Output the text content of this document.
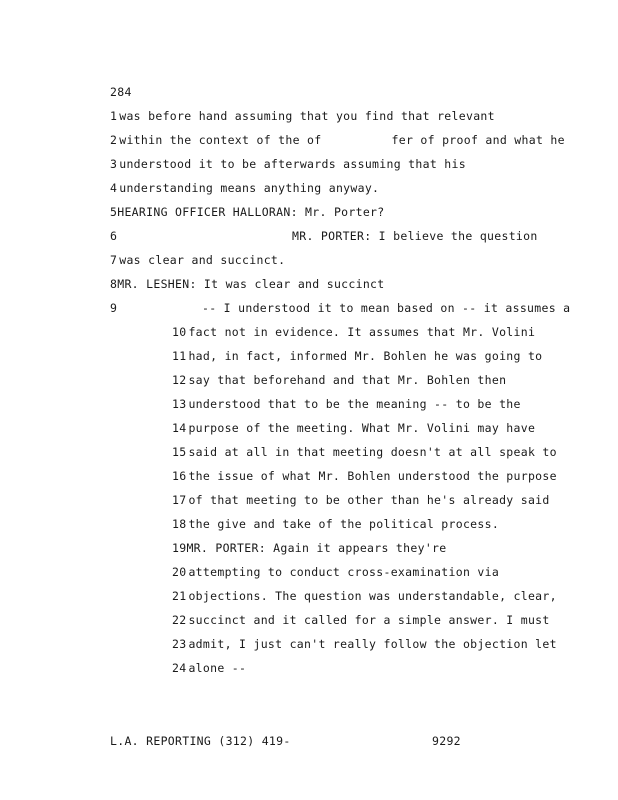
284
1 was before hand assuming that you find that relevant
2 within the context of the of	fer of proof and what he
3 understood it to be afterwards assuming that his
4 understanding means anything anyway.
5HEARING OFFICER HALLORAN: Mr. Porter?
6	MR. PORTER: I believe the question
7 was clear and succinct.
8MR. LESHEN: It was clear and succinct
9	-- I understood it to mean based on -- it assumes a
10 fact not in evidence. It assumes that Mr. Volini
11 had, in fact, informed Mr. Bohlen he was going to
12 say that beforehand and that Mr. Bohlen then
13 understood that to be the meaning -- to be the
14 purpose of the meeting. What Mr. Volini may have
15 said at all in that meeting doesn't at all speak to
16 the issue of what Mr. Bohlen understood the purpose
17 of that meeting to be other than he's already said
18 the give and take of the political process.
19MR. PORTER: Again it appears they're
20 attempting to conduct cross-examination via
21 objections. The question was understandable, clear,
22 succinct and it called for a simple answer. I must
23 admit, I just can't really follow the objection let
24 alone --
L.A. REPORTING (312) 419-	9292
